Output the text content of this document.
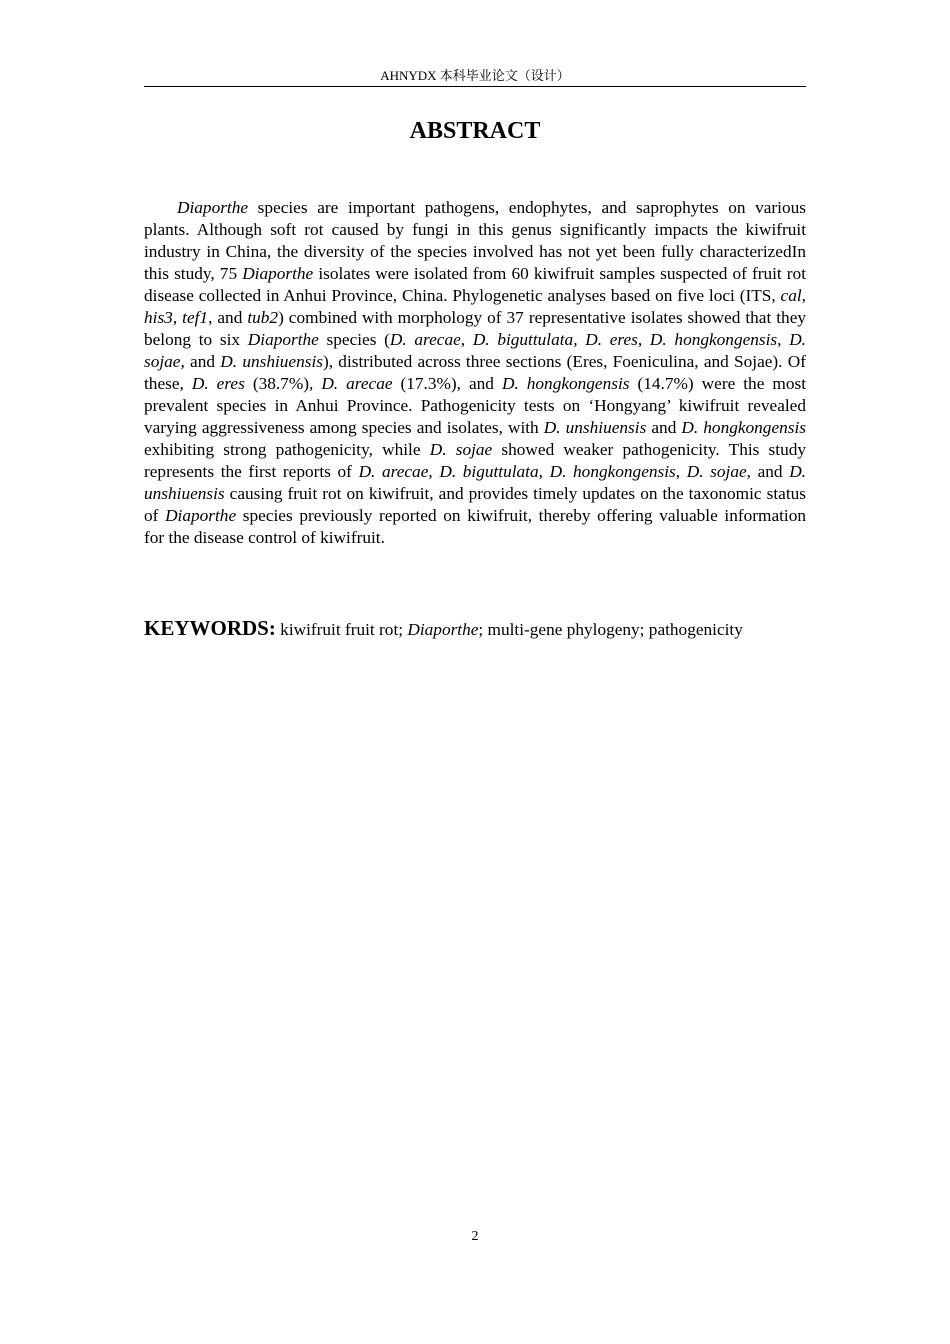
AHNYDX 本科毕业论文（设计）
ABSTRACT

Diaporthe species are important pathogens, endophytes, and saprophytes on various plants. Although soft rot caused by fungi in this genus significantly impacts the kiwifruit industry in China, the diversity of the species involved has not yet been fully characterizedIn this study, 75 Diaporthe isolates were isolated from 60 kiwifruit samples suspected of fruit rot disease collected in Anhui Province, China. Phylogenetic analyses based on five loci (ITS, cal, his3, tef1, and tub2) combined with morphology of 37 representative isolates showed that they belong to six Diaporthe species (D. arecae, D. biguttulata, D. eres, D. hongkongensis, D. sojae, and D. unshiuensis), distributed across three sections (Eres, Foeniculina, and Sojae). Of these, D. eres (38.7%), D. arecae (17.3%), and D. hongkongensis (14.7%) were the most prevalent species in Anhui Province. Pathogenicity tests on ‘Hongyang’ kiwifruit revealed varying aggressiveness among species and isolates, with D. unshiuensis and D. hongkongensis exhibiting strong pathogenicity, while D. sojae showed weaker pathogenicity. This study represents the first reports of D. arecae, D. biguttulata, D. hongkongensis, D. sojae, and D. unshiuensis causing fruit rot on kiwifruit, and provides timely updates on the taxonomic status of Diaporthe species previously reported on kiwifruit, thereby offering valuable information for the disease control of kiwifruit.

KEYWORDS: kiwifruit fruit rot; Diaporthe; multi-gene phylogeny; pathogenicity

2
